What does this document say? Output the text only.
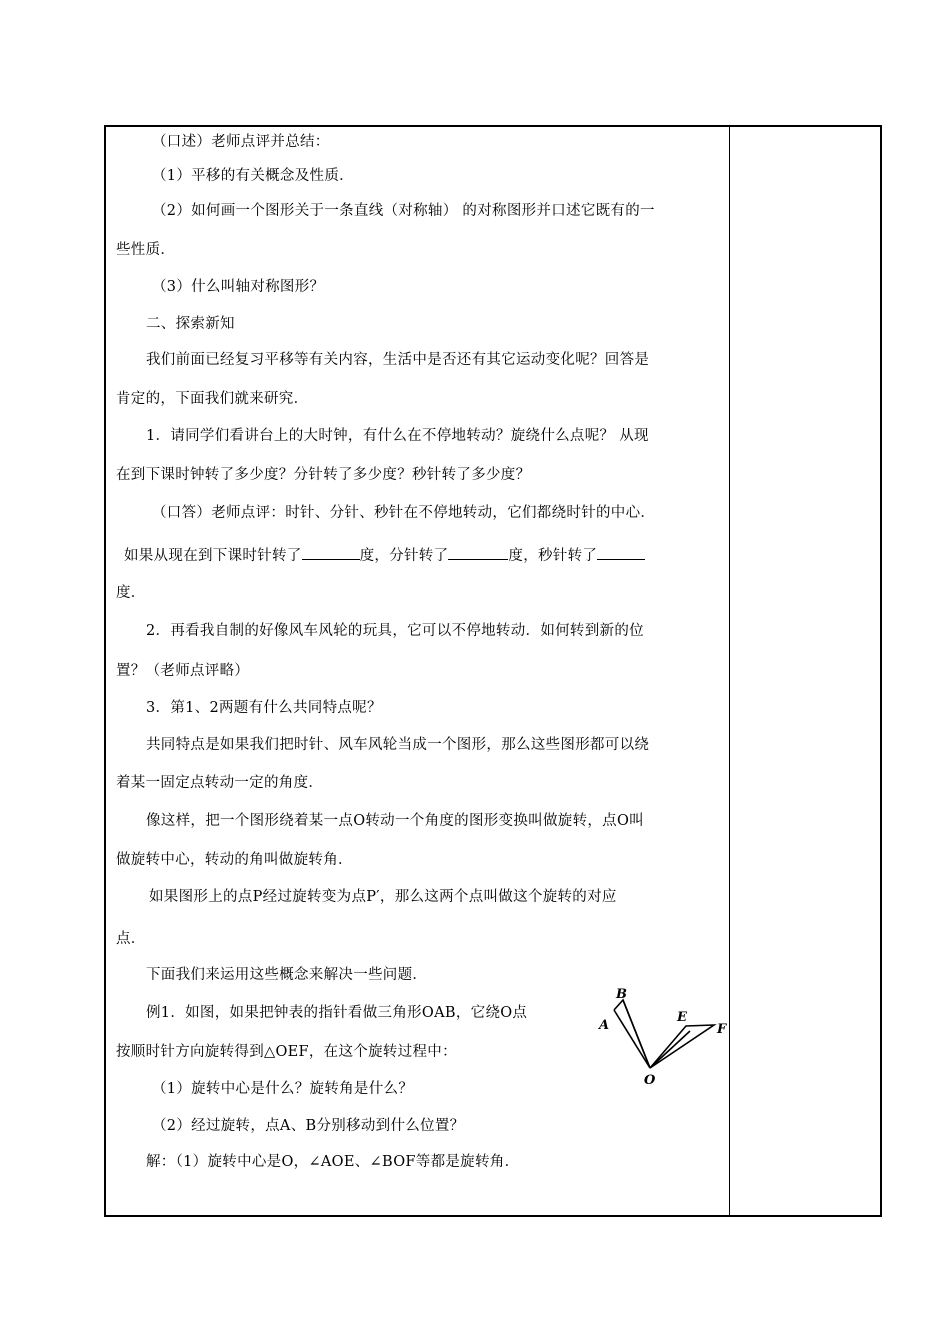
（口述）老师点评并总结：
（1）平移的有关概念及性质．
（2）如何画一个图形关于一条直线（对称轴） 的对称图形并口述它既有的一
些性质．
（3）什么叫轴对称图形？
二、探索新知
我们前面已经复习平移等有关内容，生活中是否还有其它运动变化呢？回答是
肯定的，下面我们就来研究．
1．请同学们看讲台上的大时钟，有什么在不停地转动？旋绕什么点呢？ 从现
在到下课时钟转了多少度？分针转了多少度？秒针转了多少度？
（口答）老师点评：时针、分针、秒针在不停地转动，它们都绕时针的中心．
如果从现在到下课时针转了	度，分针转了	度，秒针转了
度．
2．再看我自制的好像风车风轮的玩具，它可以不停地转动．如何转到新的位
置？（老师点评略）
3．第1、2两题有什么共同特点呢？
共同特点是如果我们把时针、风车风轮当成一个图形，那么这些图形都可以绕
着某一固定点转动一定的角度．
像这样，把一个图形绕着某一点O转动一个角度的图形变换叫做旋转，点O叫
做旋转中心，转动的角叫做旋转角．
如果图形上的点P经过旋转变为点P′，那么这两个点叫做这个旋转的对应
点．
下面我们来运用这些概念来解决一些问题．
例1．如图，如果把钟表的指针看做三角形OAB，它绕O点
按顺时针方向旋转得到△OEF，在这个旋转过程中：
（1）旋转中心是什么？旋转角是什么？
（2）经过旋转，点A、B分别移动到什么位置？
解：（1）旋转中心是O，∠AOE、∠BOF等都是旋转角．
B
A
E
F
O
